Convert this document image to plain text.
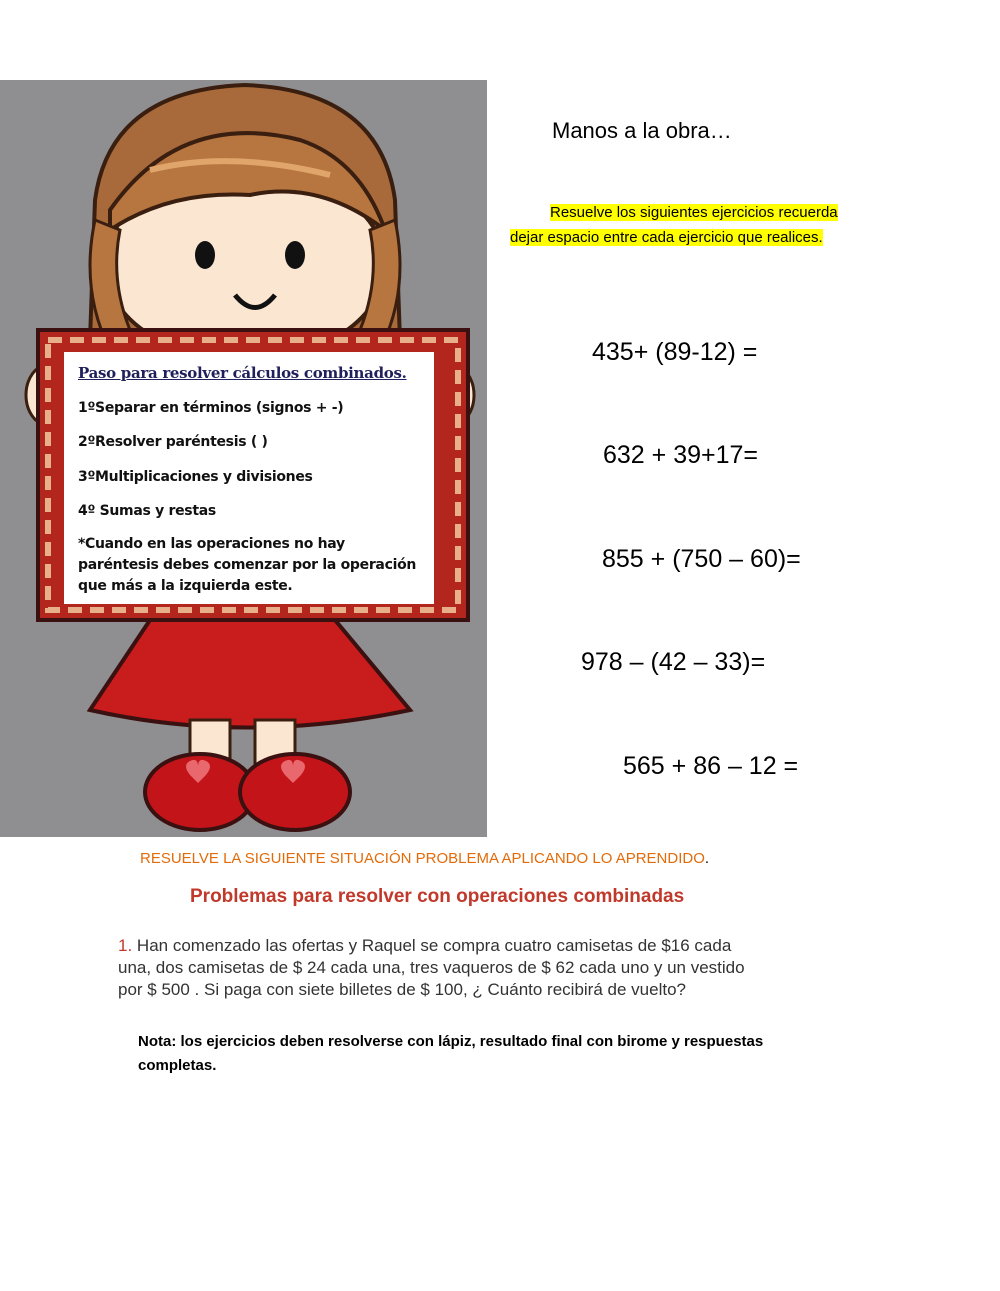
Paso para resolver cálculos combinados.
1ºSeparar en términos (signos + -)
2ºResolver paréntesis ( )
3ºMultiplicaciones y divisiones
4º Sumas y restas
*Cuando en las operaciones no hay paréntesis debes comenzar por la operación que más a la izquierda este.
Manos a la obra…
Resuelve los siguientes ejercicios recuerda dejar espacio entre cada ejercicio que realices.
435+ (89-12) =
632 + 39+17=
855 + (750 – 60)=
978 – (42 – 33)=
565 + 86 – 12 =
RESUELVE LA SIGUIENTE SITUACIÓN PROBLEMA APLICANDO LO APRENDIDO.
Problemas para resolver con operaciones combinadas
1. Han comenzado las ofertas y Raquel se compra cuatro camisetas de $16 cada una, dos camisetas de $ 24 cada una, tres vaqueros de $ 62 cada uno y un vestido por $ 500 . Si paga con siete billetes de $ 100, ¿ Cuánto recibirá de vuelto?
Nota: los ejercicios deben resolverse con lápiz, resultado final con birome y respuestas completas.
